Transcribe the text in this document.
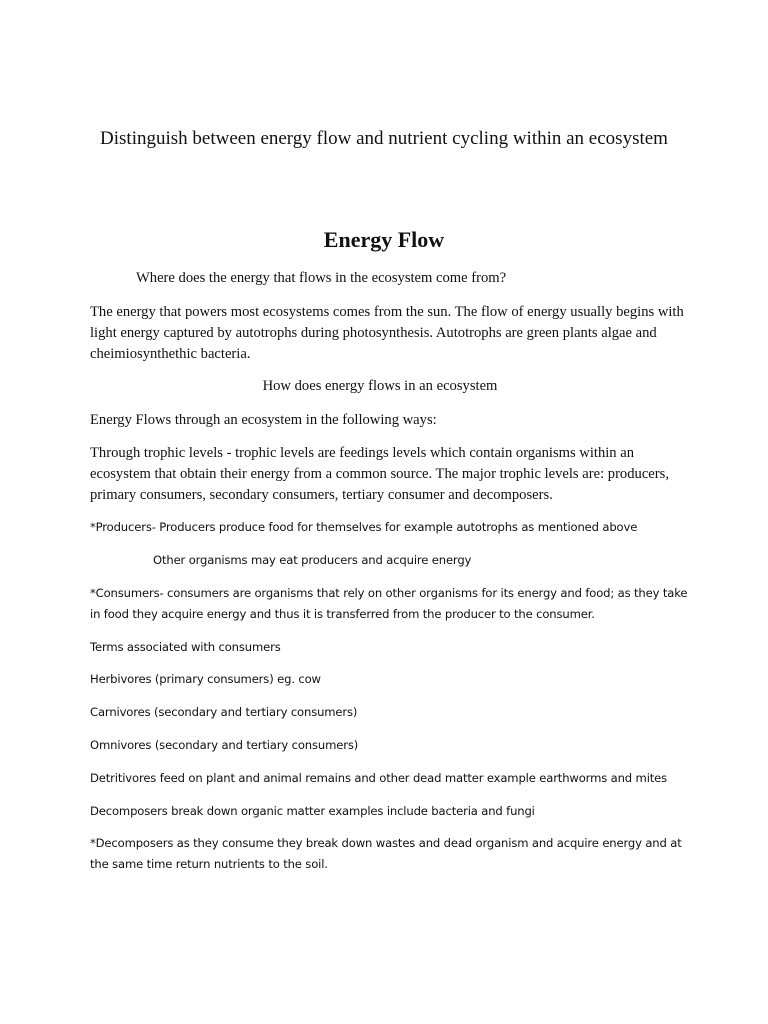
Distinguish between energy flow and nutrient cycling within an ecosystem
Energy Flow

Where does the energy that flows in the ecosystem come from?

The energy that powers most ecosystems comes from the sun. The flow of energy usually begins with light energy captured by autotrophs during photosynthesis. Autotrophs are green plants algae and cheimiosynthethic bacteria.

How does energy flows in an ecosystem

Energy Flows through an ecosystem in the following ways:

Through trophic levels - trophic levels are feedings levels which contain organisms within an ecosystem that obtain their energy from a common source. The major trophic levels are: producers, primary consumers, secondary consumers, tertiary consumer and decomposers.

*Producers- Producers produce food for themselves for example autotrophs as mentioned above

Other organisms may eat producers and acquire energy

*Consumers- consumers are organisms that rely on other organisms for its energy and food; as they take in food they acquire energy and thus it is transferred from the producer to the consumer.

Terms associated with consumers

Herbivores (primary consumers) eg. cow

Carnivores (secondary and tertiary consumers)

Omnivores (secondary and tertiary consumers)

Detritivores feed on plant and animal remains and other dead matter example earthworms and mites

Decomposers break down organic matter examples include bacteria and fungi

*Decomposers as they consume they break down wastes and dead organism and acquire energy and at the same time return nutrients to the soil.
